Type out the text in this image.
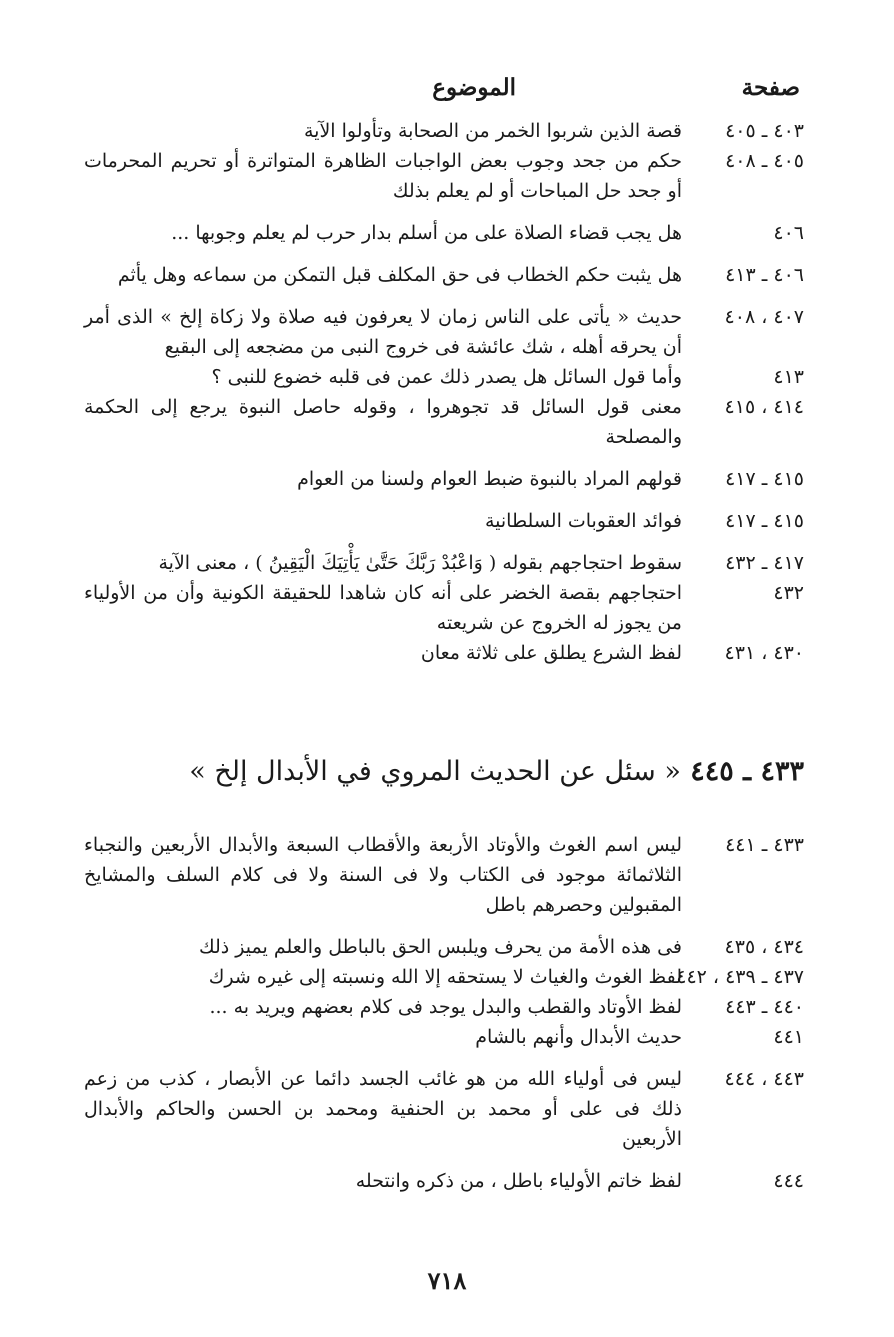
صفحة
الموضوع
٤٠٣ ـ ٤٠٥
قصة الذين شربوا الخمر من الصحابة وتأولوا الآية
٤٠٥ ـ ٤٠٨
حكم من جحد وجوب بعض الواجبات الظاهرة المتواترة أو تحريم المحرمات أو جحد حل المباحات أو لم يعلم بذلك
٤٠٦
هل يجب قضاء الصلاة على من أسلم بدار حرب لم يعلم وجوبها ...
٤٠٦ ـ ٤١٣
هل يثبت حكم الخطاب فى حق المكلف قبل التمكن من سماعه وهل يأثم
٤٠٧ ، ٤٠٨
حديث « يأتى على الناس زمان لا يعرفون فيه صلاة ولا زكاة إلخ » الذى أمر أن يحرقه أهله ، شك عائشة فى خروج النبى من مضجعه إلى البقيع
٤١٣
وأما قول السائل هل يصدر ذلك عمن فى قلبه خضوع للنبى ؟
٤١٤ ، ٤١٥
معنى قول السائل قد تجوهروا ، وقوله حاصل النبوة يرجع إلى الحكمة والمصلحة
٤١٥ ـ ٤١٧
قولهم المراد بالنبوة ضبط العوام ولسنا من العوام
٤١٥ ـ ٤١٧
فوائد العقوبات السلطانية
٤١٧ ـ ٤٣٢
سقوط احتجاجهم بقوله ( وَاعْبُدْ رَبَّكَ حَتَّىٰ يَأْتِيَكَ الْيَقِينُ ) ، معنى الآية
٤٣٢
احتجاجهم بقصة الخضر على أنه كان شاهدا للحقيقة الكونية وأن من الأولياء من يجوز له الخروج عن شريعته
٤٣٠ ، ٤٣١
لفظ الشرع يطلق على ثلاثة معان
٤٣٣ ـ ٤٤٥ « سئل عن الحديث المروي في الأبدال إلخ »
٤٣٣ ـ ٤٤١
ليس اسم الغوث والأوتاد الأربعة والأقطاب السبعة والأبدال الأربعين والنجباء الثلاثمائة موجود فى الكتاب ولا فى السنة ولا فى كلام السلف والمشايخ المقبولين وحصرهم باطل
٤٣٤ ، ٤٣٥
فى هذه الأمة من يحرف ويلبس الحق بالباطل والعلم يميز ذلك
٤٣٧ ـ ٤٣٩ ، ٤٤٢
لفظ الغوث والغياث لا يستحقه إلا الله ونسبته إلى غيره شرك
٤٤٠ ـ ٤٤٣
لفظ الأوتاد والقطب والبدل يوجد فى كلام بعضهم ويريد به ...
٤٤١
حديث الأبدال وأنهم بالشام
٤٤٣ ، ٤٤٤
ليس فى أولياء الله من هو غائب الجسد دائما عن الأبصار ، كذب من زعم ذلك فى على أو محمد بن الحنفية ومحمد بن الحسن والحاكم والأبدال الأربعين
٤٤٤
لفظ خاتم الأولياء باطل ، من ذكره وانتحله
٧١٨
